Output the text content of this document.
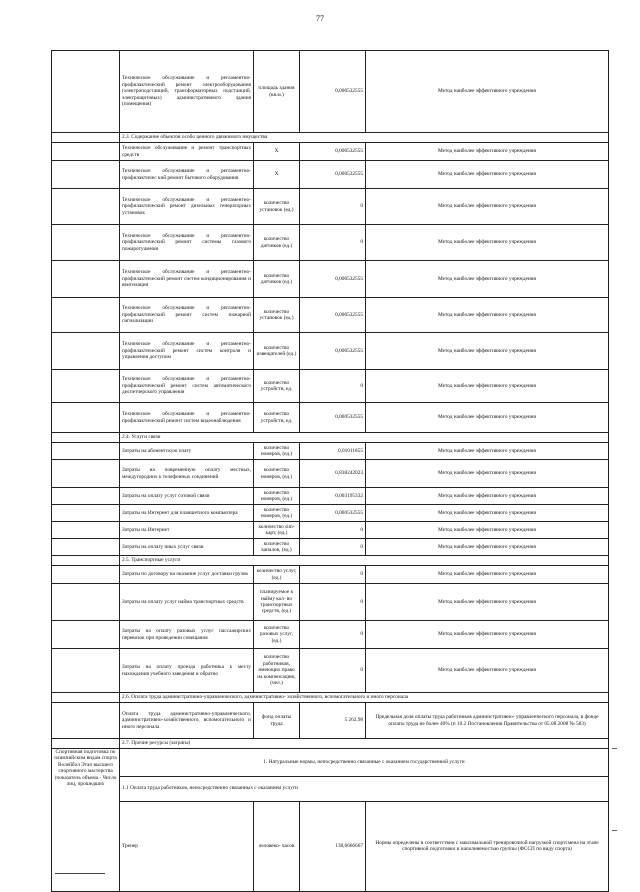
77
	Техническое обслуживание и регламентно- профилактический ремонт электрооборудования (электроподстанций, трансформаторных подстанций, электрощитовых) административного здания (помещения)	площадь здания (кв.м.)	0,000532555	Метод наиболее эффективного учреждения
	2.3. Содержание объектов особо ценного движимого имущества			
	Техническое обслуживание и ремонт транспортных средств	X	0,000532555	Метод наиболее эффективного учреждения
	Техническое обслуживание и регламентно- профилактичес кий ремонт бытового оборудования	X	0,000532555	Метод наиболее эффективного учреждения
	Техническое обслуживание и регламентно- профилактический ремонт дизельных генераторных установок	количество установок (ед.)	0	Метод наиболее эффективного учреждения
	Техническое обслуживание и регламентно- профилактический ремонт системы газового пожаротушения	количество датчиков (ед.)	0	Метод наиболее эффективного учреждения
	Техническое обслуживание и регламентно- профилактический ремонт систем кондиционирования и вентиляции	количество датчиков (ед.)	0,000532555	Метод наиболее эффективного учреждения
	Техническое обслуживание и регламентно- профилактический ремонт систем пожарной сигнализации	количество установок (ед.)	0,000532555	Метод наиболее эффективного учреждения
	Техническое обслуживание и регламентно- профилактический ремонт систем контроля и управления доступом	количество извещателей (ед.)	0,000532555	Метод наиболее эффективного учреждения
	Техническое обслуживание и регламентно- профилактический ремонт систем автоматического диспетчерского управления	количество устройств, ед.	0	Метод наиболее эффективного учреждения
	Техническое обслуживание и регламентно- профилактический ремонт систем видеонаблюдения	количество устройств, ед.	0,000532555	Метод наиболее эффективного учреждения
	2.4. Услуги связи			
	Затраты на абонентскую плату	количество номеров, (ед.)	0,01011855	Метод наиболее эффективного учреждения
	Затраты на повременную оплату местных, междугородних к телефонных соединений	количество номеров, (ед.)	0,838242023	Метод наиболее эффективного учреждения
	Затраты на оплату услуг сотовой связи	количество номеров, (ед.)	0,003195332	Метод наиболее эффективного учреждения
	Затраты на Интернет для планшетного компьютера	количество номеров, (ед.)	0,000532555	Метод наиболее эффективного учреждения
	Затраты на Интернет	количество sim-карт, (ед.)	0	Метод наиболее эффективного учреждения
	Затраты на оплату иных услуг связи	количество каналов, (ед.)	0	Метод наиболее эффективного учреждения
	2.5. Транспортные услуги			
	Затраты по договору на оказание услуг доставки грузов	количество услуг, (ед.)	0	Метод наиболее эффективного учреждения
	Затраты на оплату услуг найма транспортных средств	планируемое к найму кол- во транспортных средств, (ед.)	0	Метод наиболее эффективного учреждения
	Затраты на оплату разовых услуг пассажирских перевозок при проведении совещания	количество разовых услуг, (ед.)	0	Метод наиболее эффективного учреждения
	Затраты на оплату проезда работника к месту нахождения учебного заведения и обратно	количество работников, имеющих право на компенсацию, (чел.)	0	Метод наиболее эффективного учреждения
	2.6. Оплата труда административно-управленческого, административно- хозяйственного, вспомогательного и иного персонала			
	Оплата труда административно-управленческого, административно-хозяйственного, вспомогательного и иного персонала	фонд оплаты труда	5 262,98	Предельная доля оплаты труда работников административно- управленческого персонала, в фонде оплаты труда не более 40% (п 10.2 Постановления Правительства от 05.08.2008 № 583)
	2.7. Прочие ресурсы (затраты)			

Спортивная подготовка по олимпийским видам спорта Волейбол Этап высшего спортивного мастерства (показатель объема - Число лиц, прошедших	1. Натуральные нормы, непосредственно связанные с оказанием государственной услуги			
	1.1 Оплата труда работников, непосредственно связанных с оказанием услуги			
	Тренер	человеко- часов	138,6666667	Нормы определены в соответствии с максимальной тренировочной нагрузкой спортсмена на этапе спортивной подготовки и наполняемостью группы (ФССП по виду спорта)
